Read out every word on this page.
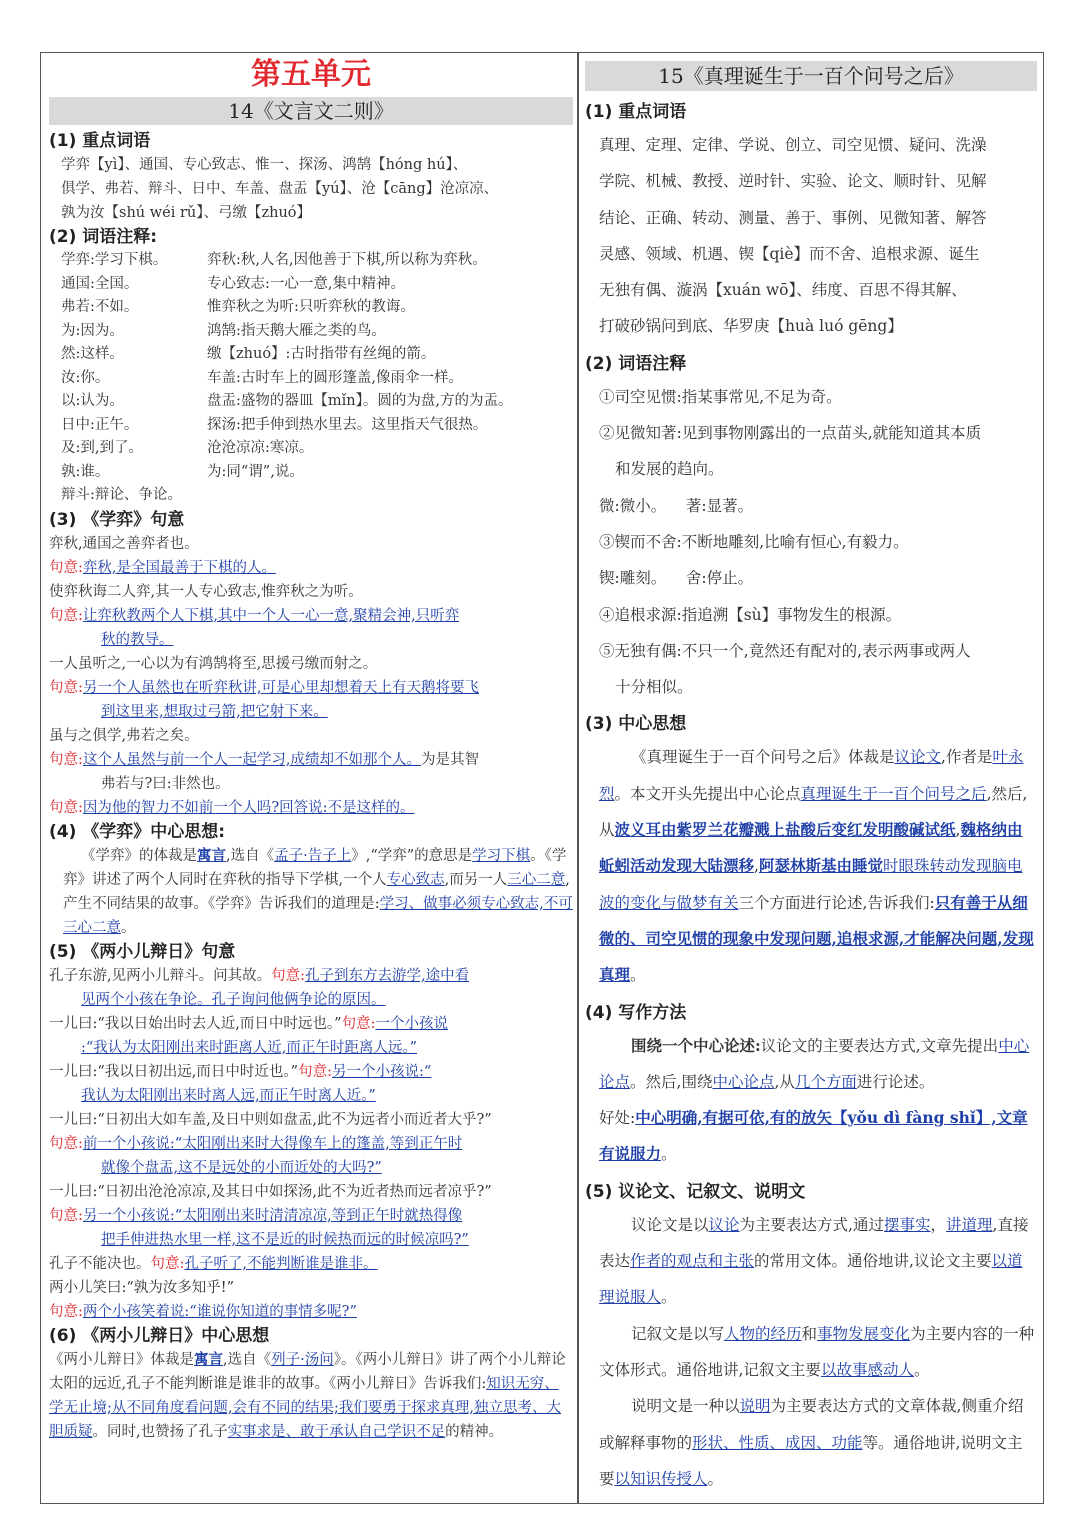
第五单元
14《文言文二则》
(1) 重点词语
学弈【yì】、通国、专心致志、惟一、探汤、鸿鹄【hóng hú】、
俱学、弗若、辩斗、日中、车盖、盘盂【yú】、沧【cāng】沧凉凉、
孰为汝【shú wéi rǔ】、弓缴【zhuó】
(2) 词语注释:
学弈:学习下棋。	弈秋:秋,人名,因他善于下棋,所以称为弈秋。
通国:全国。	专心致志:一心一意,集中精神。
弗若:不如。	惟弈秋之为听:只听弈秋的教诲。
为:因为。	鸿鹄:指天鹅大雁之类的鸟。
然:这样。	缴【zhuó】:古时指带有丝绳的箭。
汝:你。	车盖:古时车上的圆形篷盖,像雨伞一样。
以:认为。	盘盂:盛物的器皿【mǐn】。圆的为盘,方的为盂。
日中:正午。	探汤:把手伸到热水里去。这里指天气很热。
及:到,到了。	沧沧凉凉:寒凉。
孰:谁。	为:同“谓”,说。
辩斗:辩论、争论。
(3) 《学弈》句意
弈秋,通国之善弈者也。
句意:弈秋,是全国最善于下棋的人。
使弈秋诲二人弈,其一人专心致志,惟弈秋之为听。
句意:让弈秋教两个人下棋,其中一个人一心一意,聚精会神,只听弈
秋的教导。
一人虽听之,一心以为有鸿鹄将至,思援弓缴而射之。
句意:另一个人虽然也在听弈秋讲,可是心里却想着天上有天鹅将要飞
到这里来,想取过弓箭,把它射下来。
虽与之俱学,弗若之矣。
句意:这个人虽然与前一个人一起学习,成绩却不如那个人。为是其智
弗若与?曰:非然也。
句意:因为他的智力不如前一个人吗?回答说:不是这样的。
(4) 《学弈》中心思想:
《学弈》的体裁是寓言,选自《孟子·告子上》,“学弈”的意思是学习下棋。《学弈》讲述了两个人同时在弈秋的指导下学棋,一个人专心致志,而另一人三心二意,产生不同结果的故事。《学弈》告诉我们的道理是:学习、做事必须专心致志,不可三心二意。
(5) 《两小儿辩日》句意
孔子东游,见两小儿辩斗。问其故。句意:孔子到东方去游学,途中看
见两个小孩在争论。孔子询问他俩争论的原因。
一儿曰:“我以日始出时去人近,而日中时远也。”句意:一个小孩说
:“我认为太阳刚出来时距离人近,而正午时距离人远。”
一儿曰:“我以日初出远,而日中时近也。”句意:另一个小孩说:“
我认为太阳刚出来时离人远,而正午时离人近。”
一儿曰:“日初出大如车盖,及日中则如盘盂,此不为远者小而近者大乎?”
句意:前一个小孩说:“太阳刚出来时大得像车上的篷盖,等到正午时
就像个盘盂,这不是远处的小而近处的大吗?”
一儿曰:“日初出沧沧凉凉,及其日中如探汤,此不为近者热而远者凉乎?”
句意:另一个小孩说:“太阳刚出来时清清凉凉,等到正午时就热得像
把手伸进热水里一样,这不是近的时候热而远的时候凉吗?”
孔子不能决也。句意:孔子听了,不能判断谁是谁非。
两小儿笑曰:“孰为汝多知乎!”
句意:两个小孩笑着说:“谁说你知道的事情多呢?”
(6) 《两小儿辩日》中心思想
《两小儿辩日》体裁是寓言,选自《列子·汤问》。《两小儿辩日》讲了两个小儿辩论太阳的远近,孔子不能判断谁是谁非的故事。《两小儿辩日》告诉我们:知识无穷、学无止境;从不同角度看问题,会有不同的结果;我们要勇于探求真理,独立思考、大胆质疑。同时,也赞扬了孔子实事求是、敢于承认自己学识不足的精神。
15《真理诞生于一百个问号之后》
(1) 重点词语
真理、定理、定律、学说、创立、司空见惯、疑问、洗澡
学院、机械、教授、逆时针、实验、论文、顺时针、见解
结论、正确、转动、测量、善于、事例、见微知著、解答
灵感、领域、机遇、锲【qiè】而不舍、追根求源、诞生
无独有偶、漩涡【xuán wō】、纬度、百思不得其解、
打破砂锅问到底、华罗庚【huà luó gēng】
(2) 词语注释
①司空见惯:指某事常见,不足为奇。
②见微知著:见到事物刚露出的一点苗头,就能知道其本质
和发展的趋向。
微:微小。    著:显著。
③锲而不舍:不断地雕刻,比喻有恒心,有毅力。
锲:雕刻。    舍:停止。
④追根求源:指追溯【sù】事物发生的根源。
⑤无独有偶:不只一个,竟然还有配对的,表示两事或两人
十分相似。
(3) 中心思想
《真理诞生于一百个问号之后》体裁是议论文,作者是叶永烈。本文开头先提出中心论点真理诞生于一百个问号之后,然后,从波义耳由紫罗兰花瓣溅上盐酸后变红发明酸碱试纸,魏格纳由蚯蚓活动发现大陆漂移,阿瑟林斯基由睡觉时眼珠转动发现脑电波的变化与做梦有关三个方面进行论述,告诉我们:只有善于从细微的、司空见惯的现象中发现问题,追根求源,才能解决问题,发现真理。
(4) 写作方法
围绕一个中心论述:议论文的主要表达方式,文章先提出中心论点。然后,围绕中心论点,从几个方面进行论述。
好处:中心明确,有据可依,有的放矢【yǒu dì fàng shǐ】,文章有说服力。
(5) 议论文、记叙文、说明文
议论文是以议论为主要表达方式,通过摆事实，讲道理,直接表达作者的观点和主张的常用文体。通俗地讲,议论文主要以道理说服人。
记叙文是以写人物的经历和事物发展变化为主要内容的一种文体形式。通俗地讲,记叙文主要以故事感动人。
说明文是一种以说明为主要表达方式的文章体裁,侧重介绍或解释事物的形状、性质、成因、功能等。通俗地讲,说明文主要以知识传授人。
